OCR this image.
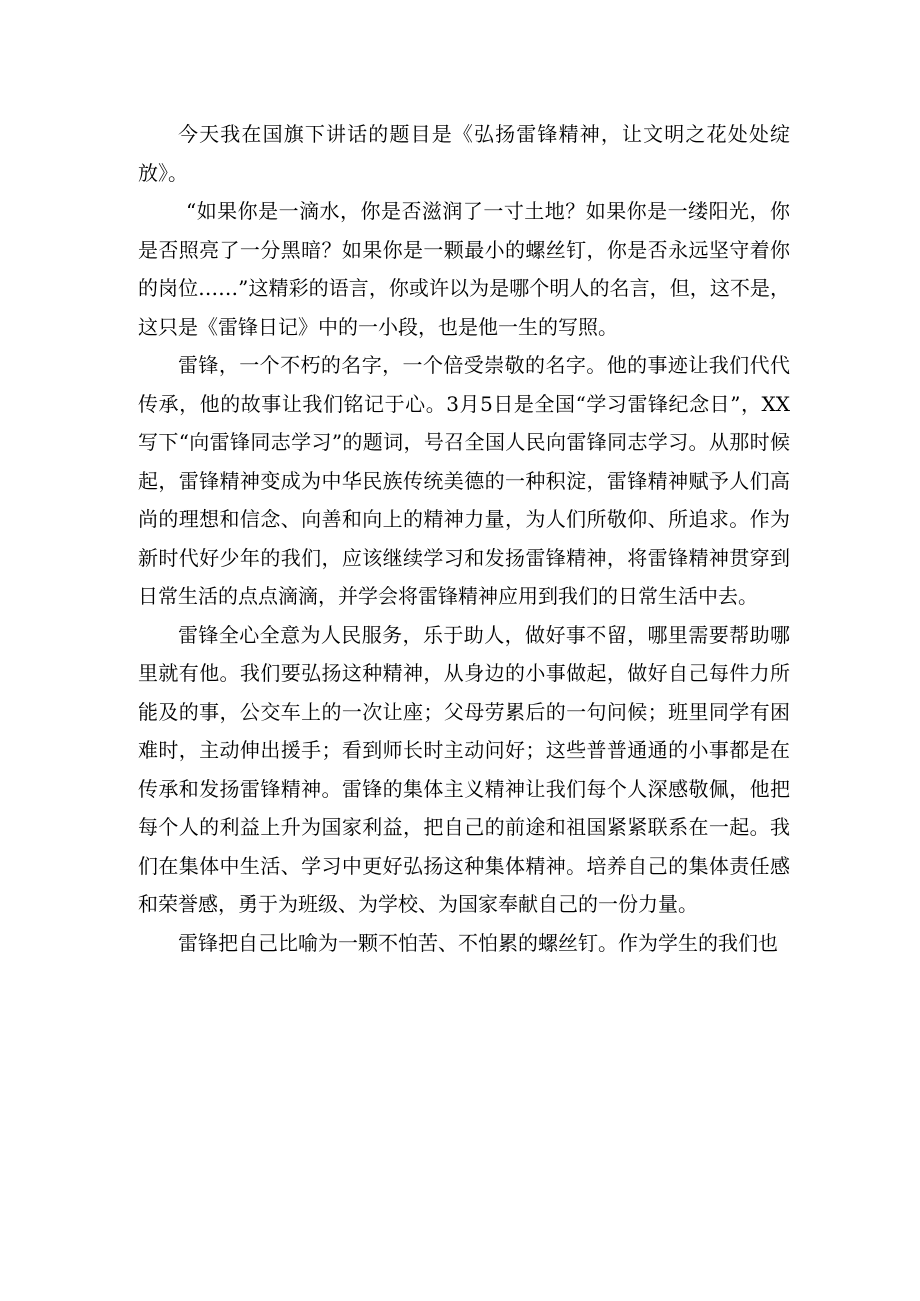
今天我在国旗下讲话的题目是《弘扬雷锋精神，让文明之花处处绽放》。

“如果你是一滴水，你是否滋润了一寸土地？如果你是一缕阳光，你是否照亮了一分黑暗？如果你是一颗最小的螺丝钉，你是否永远坚守着你的岗位……”这精彩的语言，你或许以为是哪个明人的名言，但，这不是，这只是《雷锋日记》中的一小段，也是他一生的写照。

雷锋，一个不朽的名字，一个倍受崇敬的名字。他的事迹让我们代代传承，他的故事让我们铭记于心。3月5日是全国“学习雷锋纪念日”，XX写下“向雷锋同志学习”的题词，号召全国人民向雷锋同志学习。从那时候起，雷锋精神变成为中华民族传统美德的一种积淀，雷锋精神赋予人们高尚的理想和信念、向善和向上的精神力量，为人们所敬仰、所追求。作为新时代好少年的我们，应该继续学习和发扬雷锋精神，将雷锋精神贯穿到日常生活的点点滴滴，并学会将雷锋精神应用到我们的日常生活中去。

雷锋全心全意为人民服务，乐于助人，做好事不留，哪里需要帮助哪里就有他。我们要弘扬这种精神，从身边的小事做起，做好自己每件力所能及的事，公交车上的一次让座；父母劳累后的一句问候；班里同学有困难时，主动伸出援手；看到师长时主动问好；这些普普通通的小事都是在传承和发扬雷锋精神。雷锋的集体主义精神让我们每个人深感敬佩，他把每个人的利益上升为国家利益，把自己的前途和祖国紧紧联系在一起。我们在集体中生活、学习中更好弘扬这种集体精神。培养自己的集体责任感和荣誉感，勇于为班级、为学校、为国家奉献自己的一份力量。

雷锋把自己比喻为一颗不怕苦、不怕累的螺丝钉。作为学生的我们也
